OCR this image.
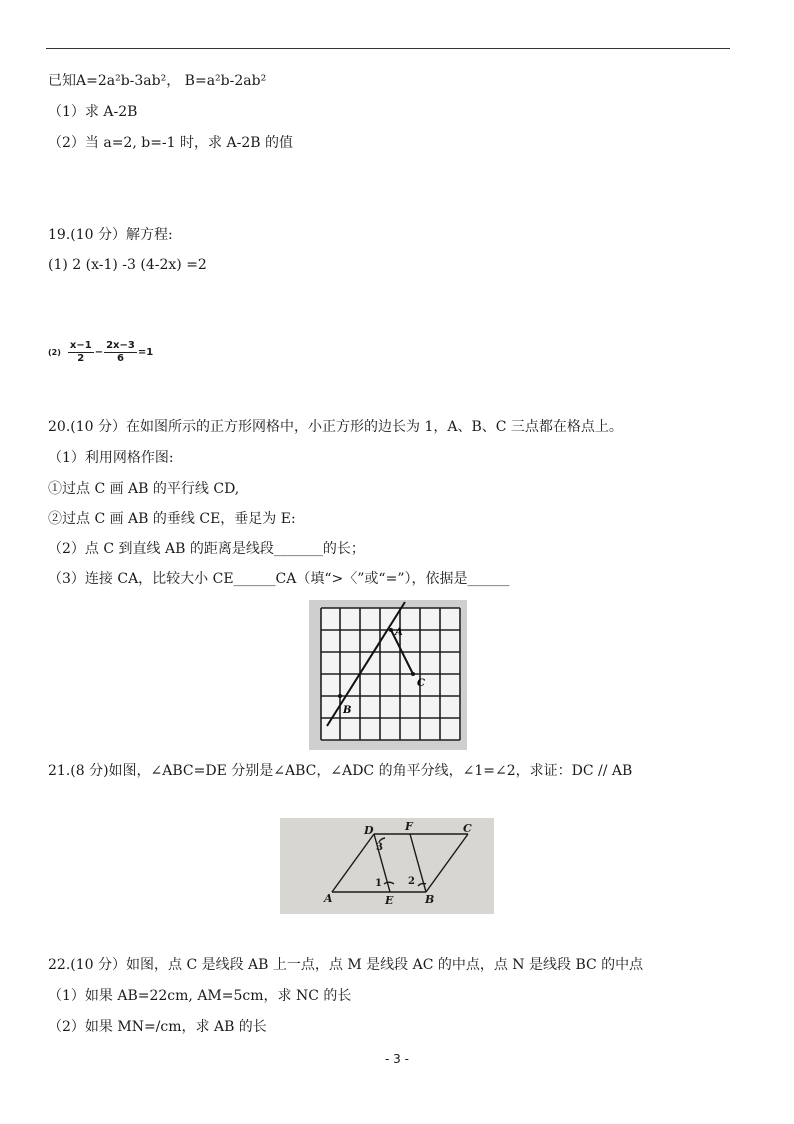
已知A=2a²b-3ab²， B=a²b-2ab²
（1）求 A-2B
（2）当 a=2, b=-1 时，求 A-2B 的值
19.(10 分）解方程:
(1) 2 (x-1) -3 (4-2x) =2
$(2) \frac{x-1}{2} - \frac{2x-3}{6} =1$
20.(10 分）在如图所示的正方形网格中，小正方形的边长为 1，A、B、C 三点都在格点上。
（1）利用网格作图:
①过点 C 画 AB 的平行线 CD,
②过点 C 画 AB 的垂线 CE，垂足为 E:
（2）点 C 到直线 AB 的距离是线段_______的长；
（3）连接 CA，比较大小 CE______CA（填“>〈”或“=”），依据是______
A
B
C
21.(8 分)如图，∠ABC=DE 分别是∠ABC，∠ADC 的角平分线，∠1=∠2，求证：DC // AB
A	B
C
D
E
F
1	2
3
22.(10 分）如图，点 C 是线段 AB 上一点，点 M 是线段 AC 的中点，点 N 是线段 BC 的中点
（1）如果 AB=22cm, AM=5cm，求 NC 的长
（2）如果 MN=/cm，求 AB 的长
- 3 -
